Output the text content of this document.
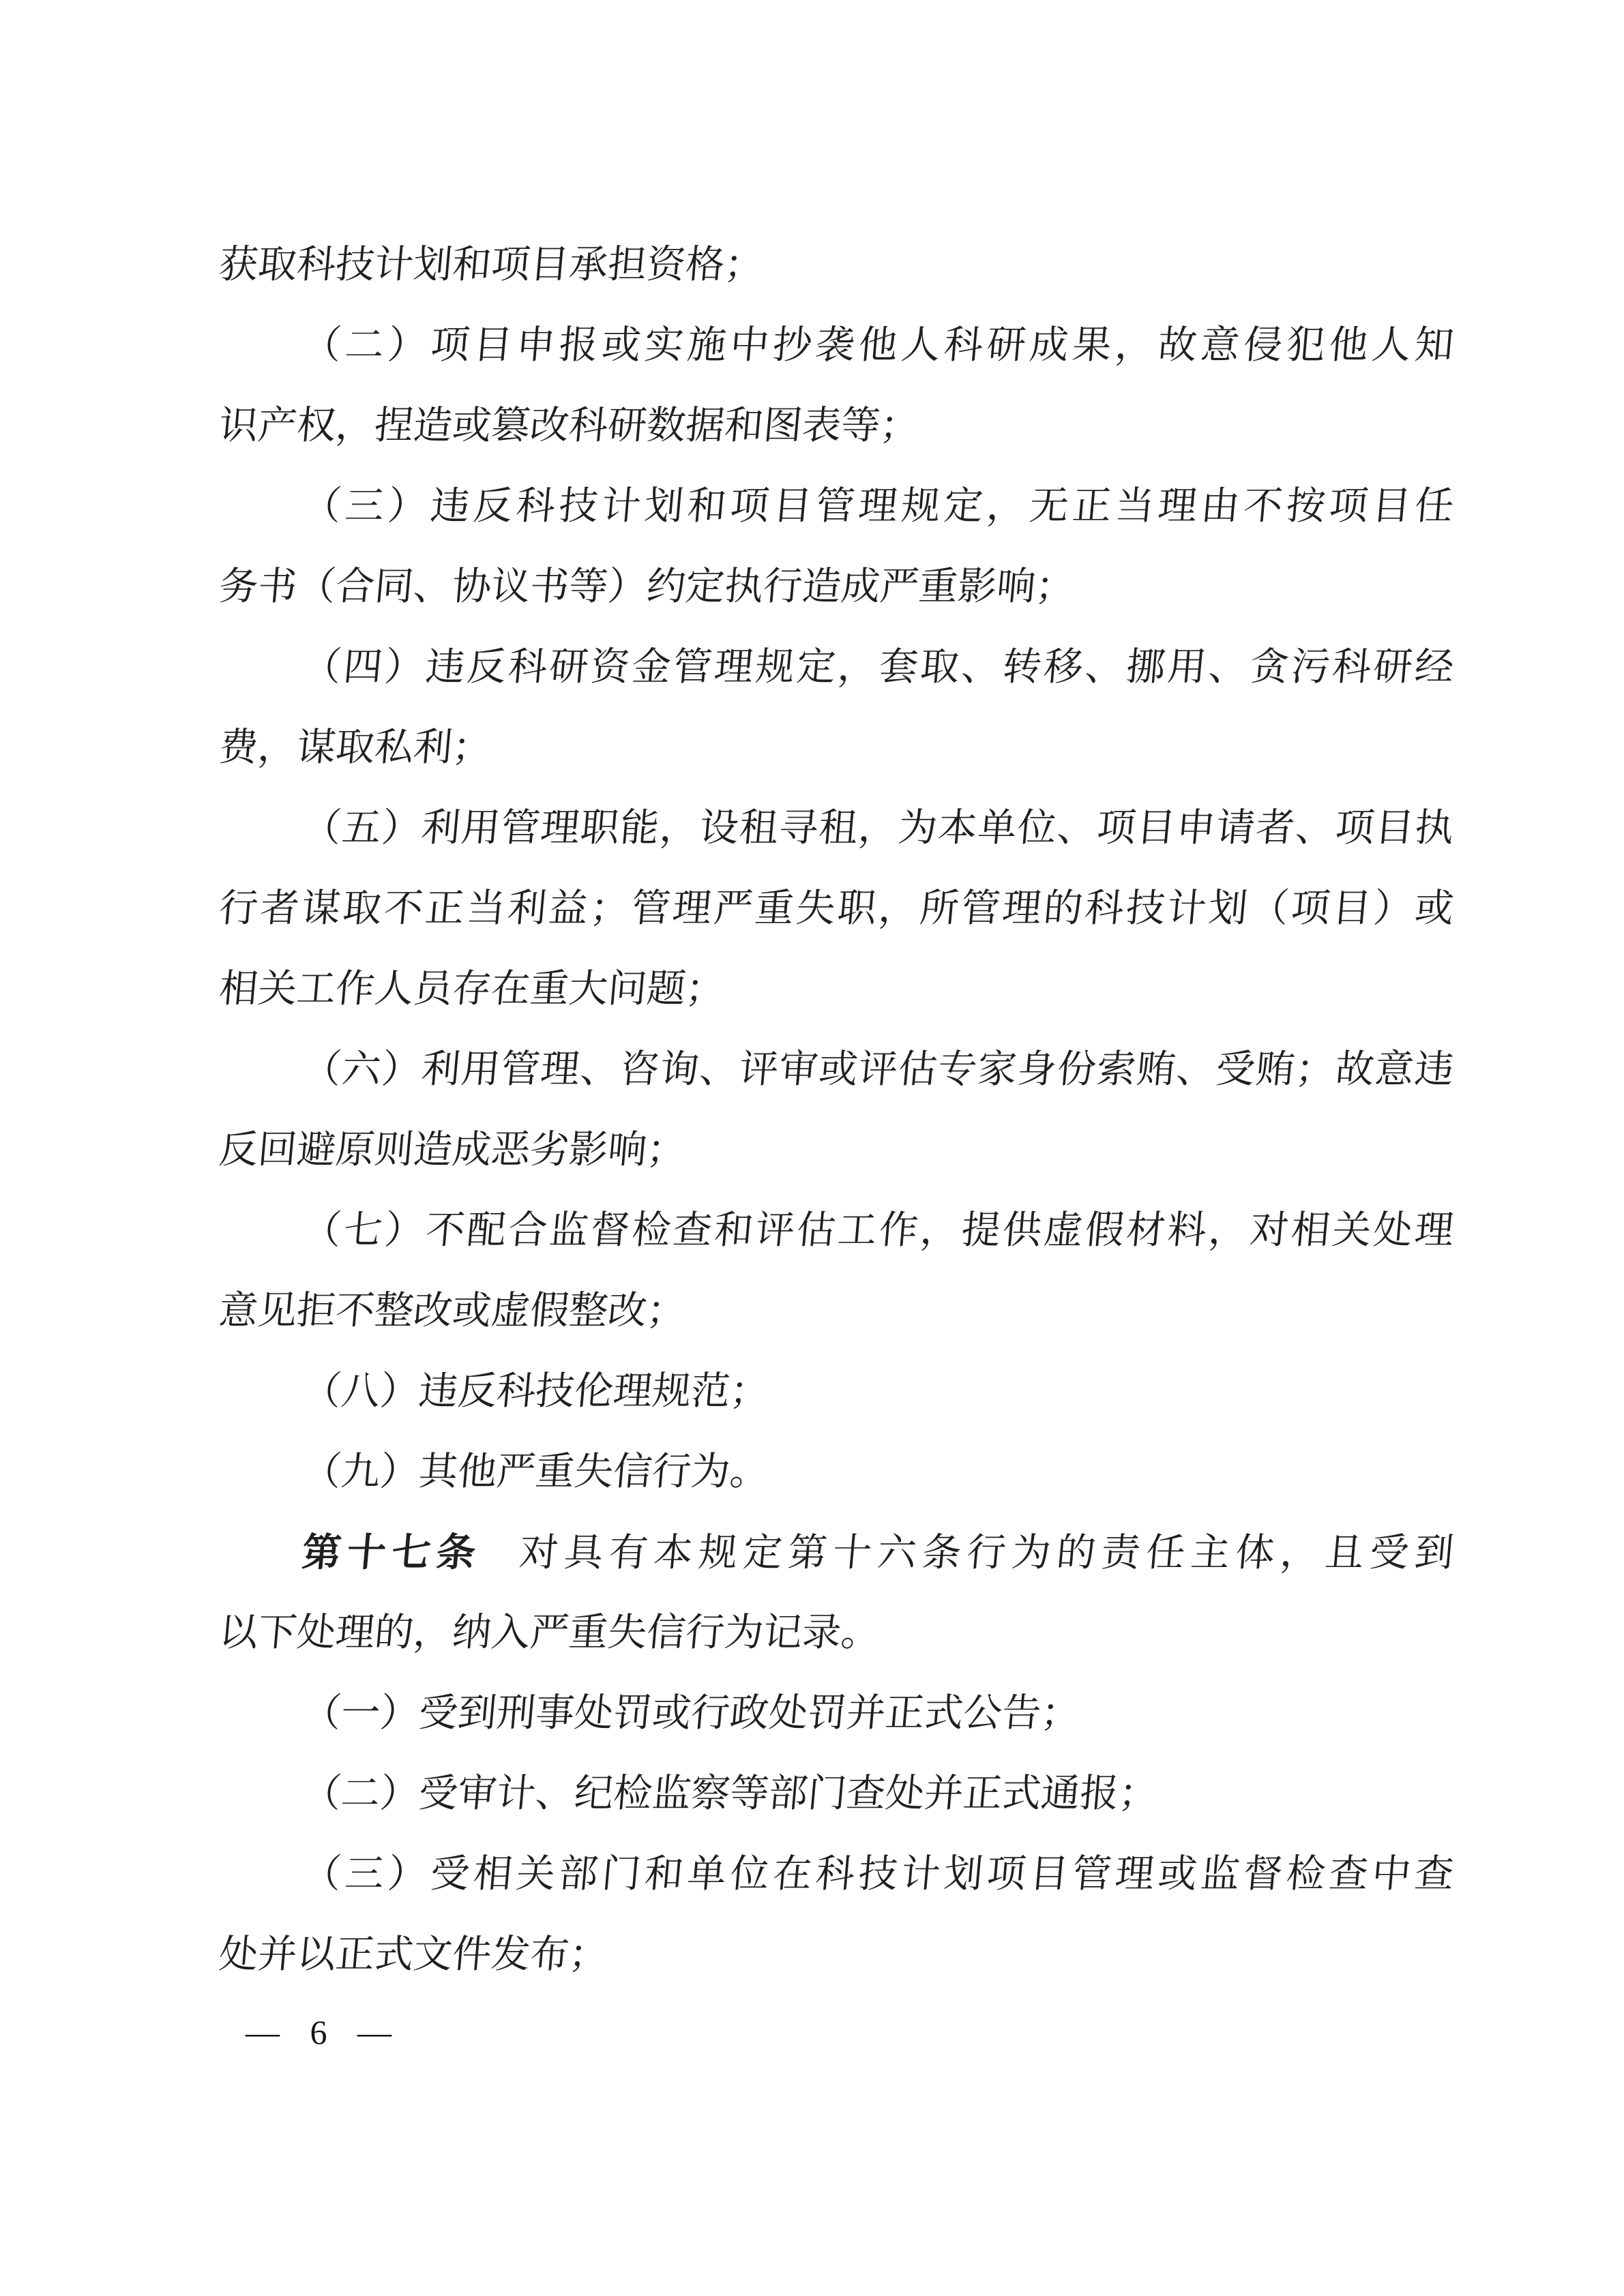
获取科技计划和项目承担资格；
（二）项目申报或实施中抄袭他人科研成果，故意侵犯他人知
识产权，捏造或篡改科研数据和图表等；
（三）违反科技计划和项目管理规定，无正当理由不按项目任
务书（合同、协议书等）约定执行造成严重影响；
（四）违反科研资金管理规定，套取、转移、挪用、贪污科研经
费，谋取私利；
（五）利用管理职能，设租寻租，为本单位、项目申请者、项目执
行者谋取不正当利益；管理严重失职，所管理的科技计划（项目）或
相关工作人员存在重大问题；
（六）利用管理、咨询、评审或评估专家身份索贿、受贿；故意违
反回避原则造成恶劣影响；
（七）不配合监督检查和评估工作，提供虚假材料，对相关处理
意见拒不整改或虚假整改；
（八）违反科技伦理规范；
（九）其他严重失信行为。
第十七条 对具有本规定第十六条行为的责任主体，且受到
以下处理的，纳入严重失信行为记录。
（一）受到刑事处罚或行政处罚并正式公告；
（二）受审计、纪检监察等部门查处并正式通报；
（三）受相关部门和单位在科技计划项目管理或监督检查中查
处并以正式文件发布；
— 6 —
